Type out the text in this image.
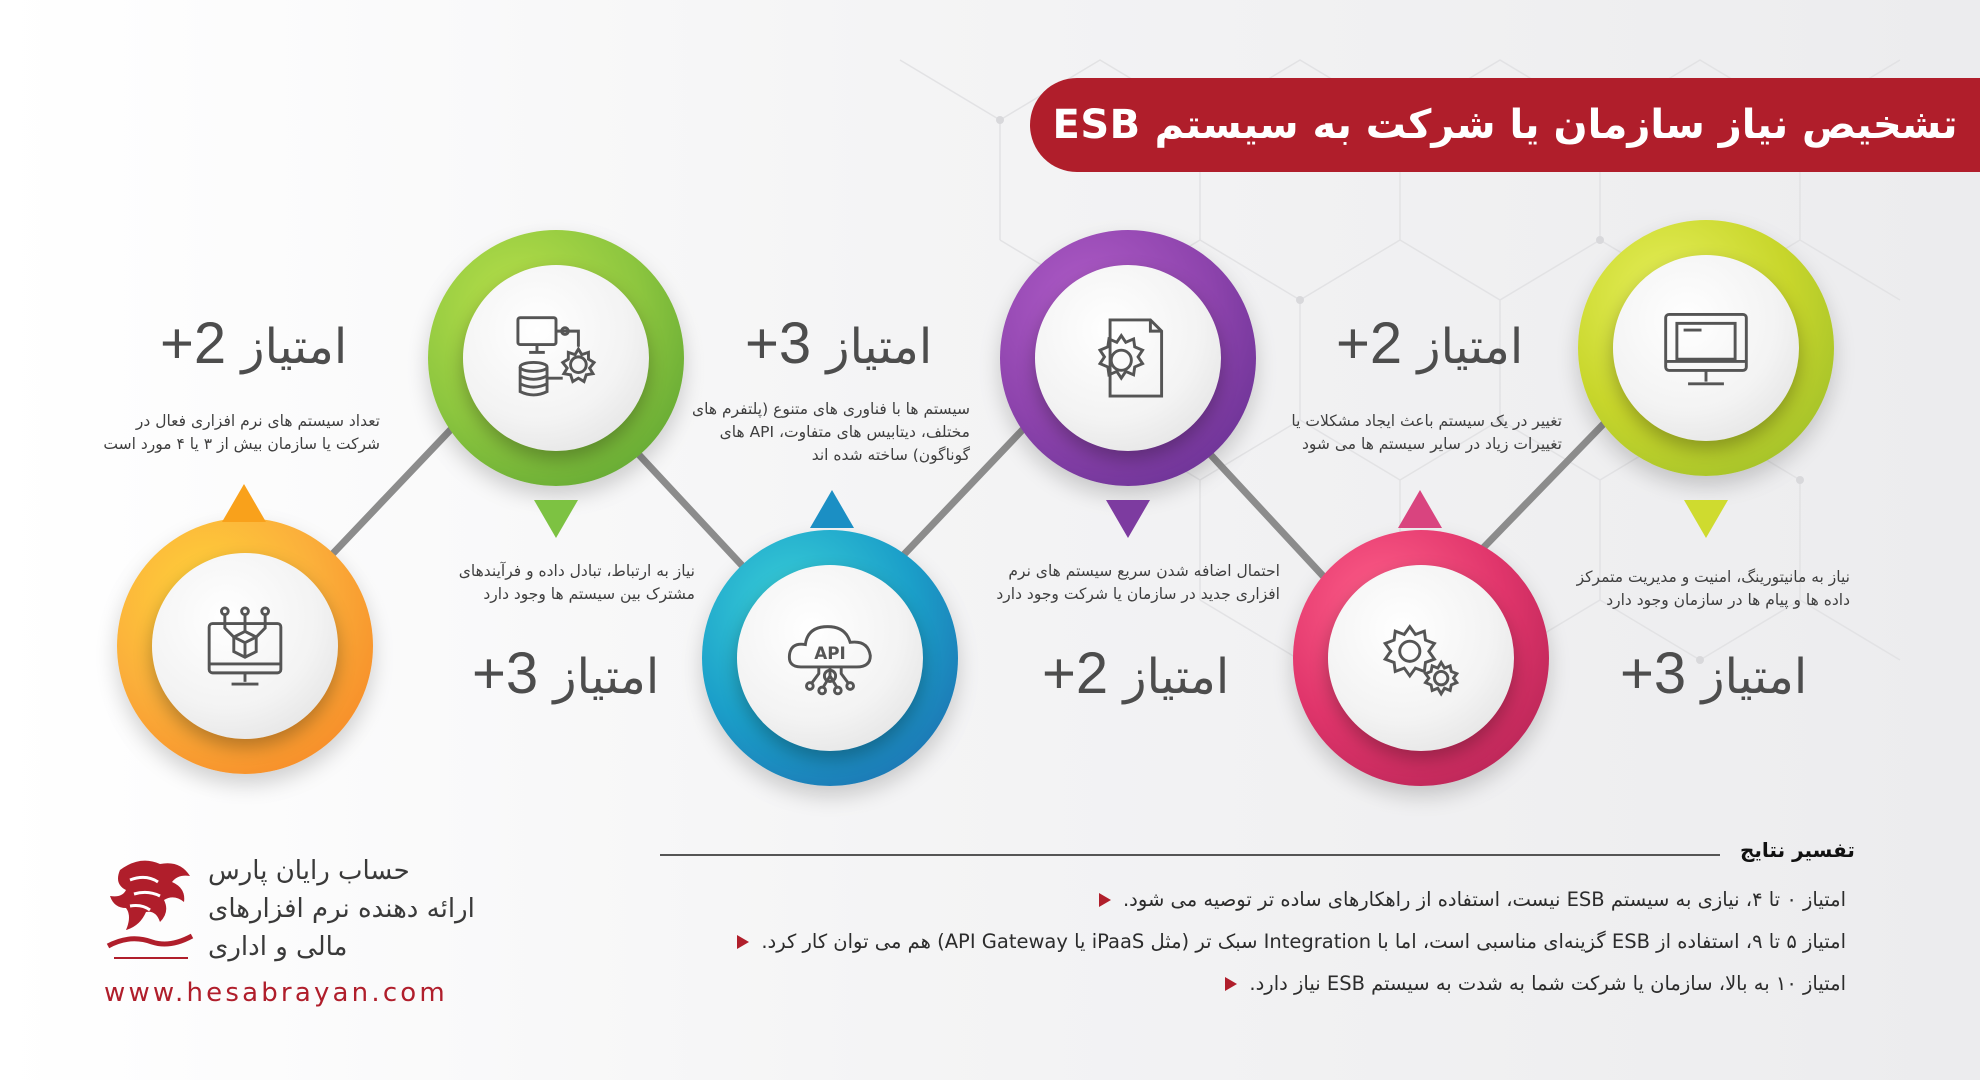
تشخیص نیاز سازمان یا شرکت به سیستم ESB
API
امتیاز 2+
امتیاز 3+
امتیاز 3+
امتیاز 2+
امتیاز 2+
امتیاز 3+
تعداد سیستم های نرم افزاری فعال در شرکت یا سازمان بیش از ۳ یا ۴ مورد است
نیاز به ارتباط، تبادل داده و فرآیندهای مشترک بین سیستم ها وجود دارد
سیستم ها با فناوری های متنوع (پلتفرم های مختلف، دیتابیس های متفاوت، API های گوناگون) ساخته شده اند
احتمال اضافه شدن سریع سیستم های نرم افزاری جدید در سازمان یا شرکت وجود دارد
تغییر در یک سیستم باعث ایجاد مشکلات یا تغییرات زیاد در سایر سیستم ها می شود
نیاز به مانیتورینگ، امنیت و مدیریت متمرکز داده ها و پیام ها در سازمان وجود دارد
تفسیر نتایج
امتیاز ۰ تا ۴، نیازی به سیستم ESB نیست، استفاده از راهکارهای ساده تر توصیه می شود.
امتیاز ۵ تا ۹، استفاده از ESB گزینه‌ای مناسبی است، اما با Integration سبک تر (مثل iPaaS یا API Gateway) هم می توان کار کرد.
امتیاز ۱۰ به بالا، سازمان یا شرکت شما به شدت به سیستم ESB نیاز دارد.
حساب رایان پارس
ارائه دهنده نرم افزارهای
مالی و اداری
www.hesabrayan.com
